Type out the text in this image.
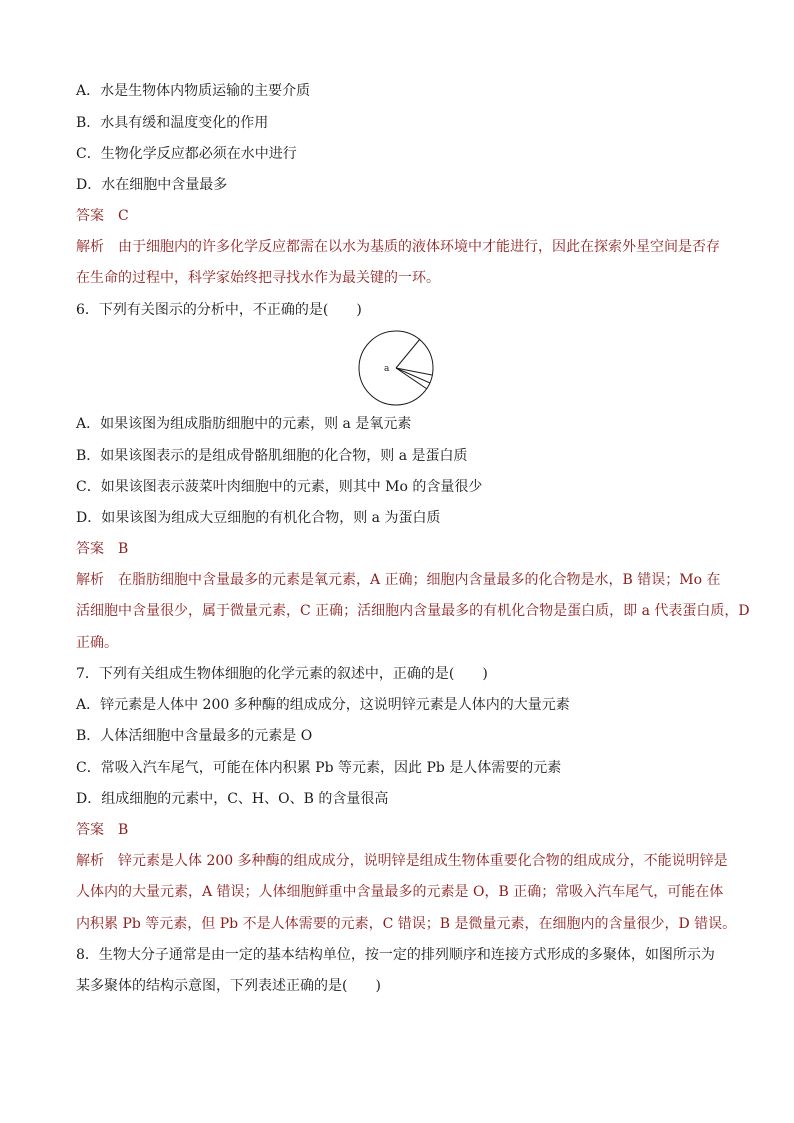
A．水是生物体内物质运输的主要介质
B．水具有缓和温度变化的作用
C．生物化学反应都必须在水中进行
D．水在细胞中含量最多
答案 C
解析 由于细胞内的许多化学反应都需在以水为基质的液体环境中才能进行，因此在探索外星空间是否存
在生命的过程中，科学家始终把寻找水作为最关键的一环。
6．下列有关图示的分析中，不正确的是(　　)
a
A．如果该图为组成脂肪细胞中的元素，则 a 是氧元素
B．如果该图表示的是组成骨骼肌细胞的化合物，则 a 是蛋白质
C．如果该图表示菠菜叶肉细胞中的元素，则其中 Mo 的含量很少
D．如果该图为组成大豆细胞的有机化合物，则 a 为蛋白质
答案 B
解析 在脂肪细胞中含量最多的元素是氧元素，A 正确；细胞内含量最多的化合物是水，B 错误；Mo 在
活细胞中含量很少，属于微量元素，C 正确；活细胞内含量最多的有机化合物是蛋白质，即 a 代表蛋白质，D
正确。
7．下列有关组成生物体细胞的化学元素的叙述中，正确的是(　　)
A．锌元素是人体中 200 多种酶的组成成分，这说明锌元素是人体内的大量元素
B．人体活细胞中含量最多的元素是 O
C．常吸入汽车尾气，可能在体内积累 Pb 等元素，因此 Pb 是人体需要的元素
D．组成细胞的元素中，C、H、O、B 的含量很高
答案 B
解析 锌元素是人体 200 多种酶的组成成分，说明锌是组成生物体重要化合物的组成成分，不能说明锌是
人体内的大量元素，A 错误；人体细胞鲜重中含量最多的元素是 O，B 正确；常吸入汽车尾气，可能在体
内积累 Pb 等元素，但 Pb 不是人体需要的元素，C 错误；B 是微量元素，在细胞内的含量很少，D 错误。
8．生物大分子通常是由一定的基本结构单位，按一定的排列顺序和连接方式形成的多聚体，如图所示为
某多聚体的结构示意图，下列表述正确的是(　　)
